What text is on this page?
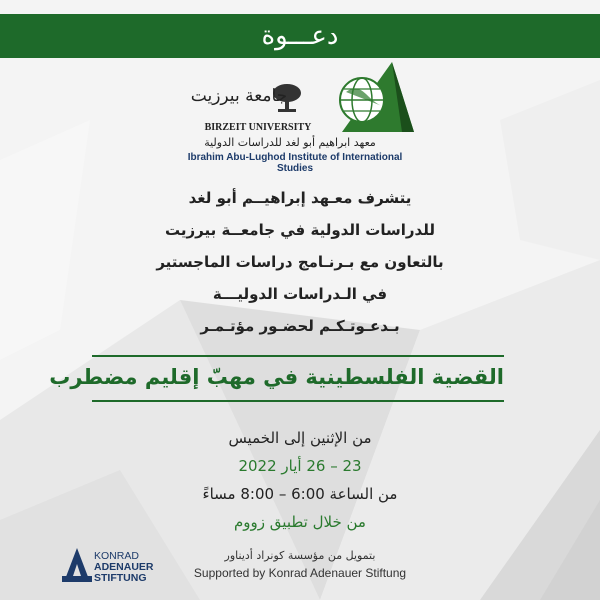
دعـــوة
جامعة بيرزيت
BIRZEIT UNIVERSITY
معهد ابراهيم أبو لغد للدراسات الدولية
Ibrahim Abu-Lughod Institute of International Studies
يتشرف معـهد إبراهيــم أبو لغد
للدراسات الدولية في جامعــة بيرزيت
بالتعاون مع بـرنـامج دراسات الماجستير
في الـدراسات الدوليـــة
بـدعـوتـكـم لحضـور مؤتـمـر
القضية الفلسطينية في مهبّ إقليم مضطرب
من الإثنين إلى الخميس
23 – 26 أيار 2022
من الساعة 6:00 – 8:00 مساءً
من خلال تطبيق زووم
KONRAD
ADENAUER
STIFTUNG
بتمويل من مؤسسة كونراد أديناور
Supported by Konrad Adenauer Stiftung
